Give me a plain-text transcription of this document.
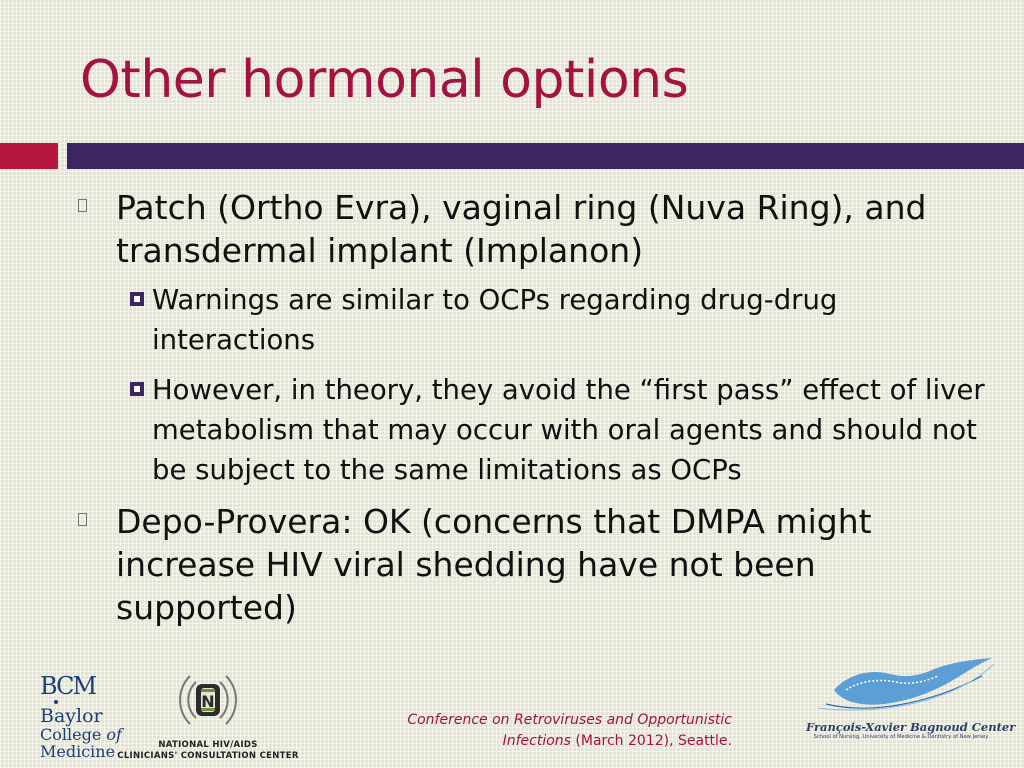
Other hormonal options
Patch (Ortho Evra), vaginal ring (Nuva Ring), and transdermal implant (Implanon)
Warnings are similar to OCPs regarding drug-drug interactions
However, in theory, they avoid the “first pass” effect of liver metabolism that may occur with oral agents and should not be subject to the same limitations as OCPs
Depo-Provera: OK (concerns that DMPA might increase HIV viral shedding have not been supported)
BCM
Baylor
College of
Medicine
N
NATIONAL HIV/AIDS
CLINICIANS' CONSULTATION CENTER
Conference on Retroviruses and Opportunistic
Infections (March 2012), Seattle.
François-Xavier Bagnoud Center
School of Nursing, University of Medicine & Dentistry of New Jersey
